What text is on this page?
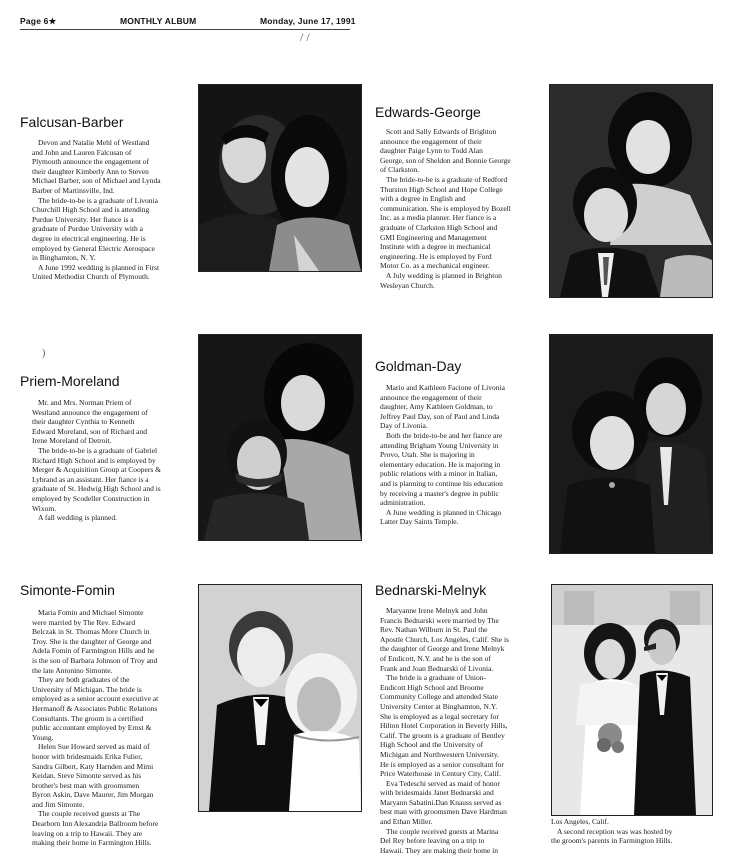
Page 6★	MONTHLY ALBUM	Monday, June 17, 1991
/ /
Falcusan-Barber
Devon and Natalie Mehl of Westland
and John and Lauren Falcusan of
Plymouth announce the engagement of
their daughter Kimberly Ann to Steven
Michael Barber, son of Michael and Lynda
Barber of Martinsville, Ind.
The bride-to-be is a graduate of Livonia
Churchill High School and is attending
Purdue University. Her fiance is a
graduate of Purdue University with a
degree in electrical engineering. He is
employed by General Electric Aerospace
in Binghamton, N. Y.
A June 1992 wedding is planned in First
United Methodist Church of Plymouth.
Edwards-George
Scott and Sally Edwards of Brighton
announce the engagement of their
daughter Paige Lynn to Todd Alan
George, son of Sheldon and Bonnie George
of Clarkston.
The bride-to-be is a graduate of Redford
Thurston High School and Hope College
with a degree in English and
communication. She is employed by Bozell
Inc. as a media planner. Her fiance is a
graduate of Clarkston High School and
GMI Engineering and Management
Institute with a degree in mechanical
engineering. He is employed by Ford
Motor Co. as a mechanical engineer.
A July wedding is planned in Brighton
Wesleyan Church.
)
Priem-Moreland
Mr. and Mrs. Norman Priem of
Westland announce the engagement of
their daughter Cynthia to Kenneth
Edward Moreland, son of Richard and
Irene Moreland of Detroit.
The bride-to-be is a graduate of Gabriel
Richard High School and is employed by
Merger & Acquisition Group at Coopers &
Lybrand as an assistant. Her fiance is a
graduate of St. Hedwig High School and is
employed by Scodeller Construction in
Wixom.
A fall wedding is planned.
Goldman-Day
Mario and Kathleen Facione of Livonia
announce the engagement of their
daughter, Amy Kathleen Goldman, to
Jeffrey Paul Day, son of Paul and Linda
Day of Livonia.
Both the bride-to-be and her fiance are
attending Brigham Young University in
Provo, Utah. She is majoring in
elementary education. He is majoring in
public relations with a minor in Italian,
and is planning to continue his education
by receiving a master's degree in public
administration.
A June wedding is planned in Chicago
Latter Day Saints Temple.
Simonte-Fomin
Maria Fomin and Michael Simonte
were married by The Rev. Edward
Belczak in St. Thomas More Church in
Troy. She is the daughter of George and
Adela Fomin of Farmington Hills and he
is the son of Barbara Johnson of Troy and
the late Antonino Simonte.
They are both graduates of the
University of Michigan. The bride is
employed as a senior account executive at
Hermanoff & Associates Public Relations
Consultants. The groom is a certified
public accountant employed by Ernst &
Young.
Helen Sue Howard served as maid of
honor with bridesmaids Erika Fulier,
Sandra Gilbert, Katy Harnden and Mimi
Keidan. Steve Simonte served as his
brother's best man with groomsmen
Byron Askin, Dave Maurer, Jim Morgan
and Jim Simonte.
The couple received guests at The
Dearborn Inn Alexandria Ballroom before
leaving on a trip to Hawaii. They are
making their home in Farmington Hills.
Bednarski-Melnyk
Maryanne Irene Melnyk and John
Francis Bednarski were married by The
Rev. Nathan Wilburn in St. Paul the
Apostle Church, Los Angeles, Calif. She is
the daughter of George and Irene Melnyk
of Endicott, N.Y. and he is the son of
Frank and Joan Bednarski of Livonia.
The bride is a graduate of Union-
Endicott High School and Broome
Community College and attended State
University Center at Binghamton, N.Y.
She is employed as a legal secretary for
Hilton Hotel Corporation in Beverly Hills,
Calif. The groom is a graduate of Bentley
High School and the University of
Michigan and Northwestern University.
He is employed as a senior consultant for
Price Waterhouse in Century City, Calif.
Eva Tedeschi served as maid of honor
with bridesmaids Janet Bednarski and
Maryann Sabatini.Dan Knauss served as
best man with groomsmen Dave Hardman
and Ethan Miller.
The couple received guests at Marina
Del Rey before leaving on a trip to
Hawaii. They are making their home in
Los Angeles, Calif.
A second reception was was hosted by
the groom's parents in Farmington Hills.
